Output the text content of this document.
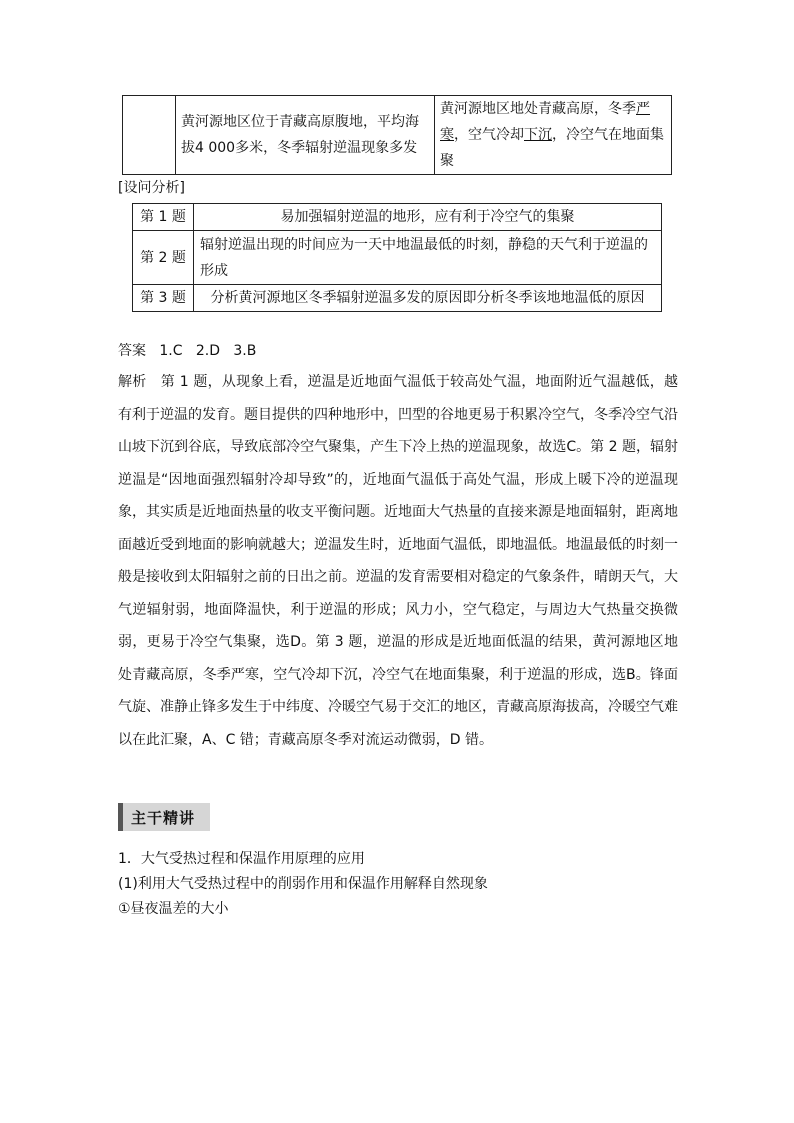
	黄河源地区位于青藏高原腹地，平均海拔4 000多米，冬季辐射逆温现象多发	黄河源地区地处青藏高原，冬季严寒，空气冷却下沉，冷空气在地面集聚
[设问分析]
第 1 题	易加强辐射逆温的地形，应有利于冷空气的集聚
第 2 题	辐射逆温出现的时间应为一天中地温最低的时刻，静稳的天气利于逆温的形成
第 3 题	分析黄河源地区冬季辐射逆温多发的原因即分析冬季该地地温低的原因
答案 1.C 2.D 3.B
解析　第 1 题，从现象上看，逆温是近地面气温低于较高处气温，地面附近气温越低，越有利于逆温的发育。题目提供的四种地形中，凹型的谷地更易于积累冷空气，冬季冷空气沿山坡下沉到谷底，导致底部冷空气聚集，产生下冷上热的逆温现象，故选C。第 2 题，辐射逆温是“因地面强烈辐射冷却导致”的，近地面气温低于高处气温，形成上暖下冷的逆温现象，其实质是近地面热量的收支平衡问题。近地面大气热量的直接来源是地面辐射，距离地面越近受到地面的影响就越大；逆温发生时，近地面气温低，即地温低。地温最低的时刻一般是接收到太阳辐射之前的日出之前。逆温的发育需要相对稳定的气象条件，晴朗天气，大气逆辐射弱，地面降温快，利于逆温的形成；风力小，空气稳定，与周边大气热量交换微弱，更易于冷空气集聚，选D。第 3 题，逆温的形成是近地面低温的结果，黄河源地区地处青藏高原，冬季严寒，空气冷却下沉，冷空气在地面集聚，利于逆温的形成，选B。锋面气旋、准静止锋多发生于中纬度、冷暖空气易于交汇的地区，青藏高原海拔高，冷暖空气难以在此汇聚，A、C 错；青藏高原冬季对流运动微弱，D 错。
主干精讲
1．大气受热过程和保温作用原理的应用
(1)利用大气受热过程中的削弱作用和保温作用解释自然现象
①昼夜温差的大小
